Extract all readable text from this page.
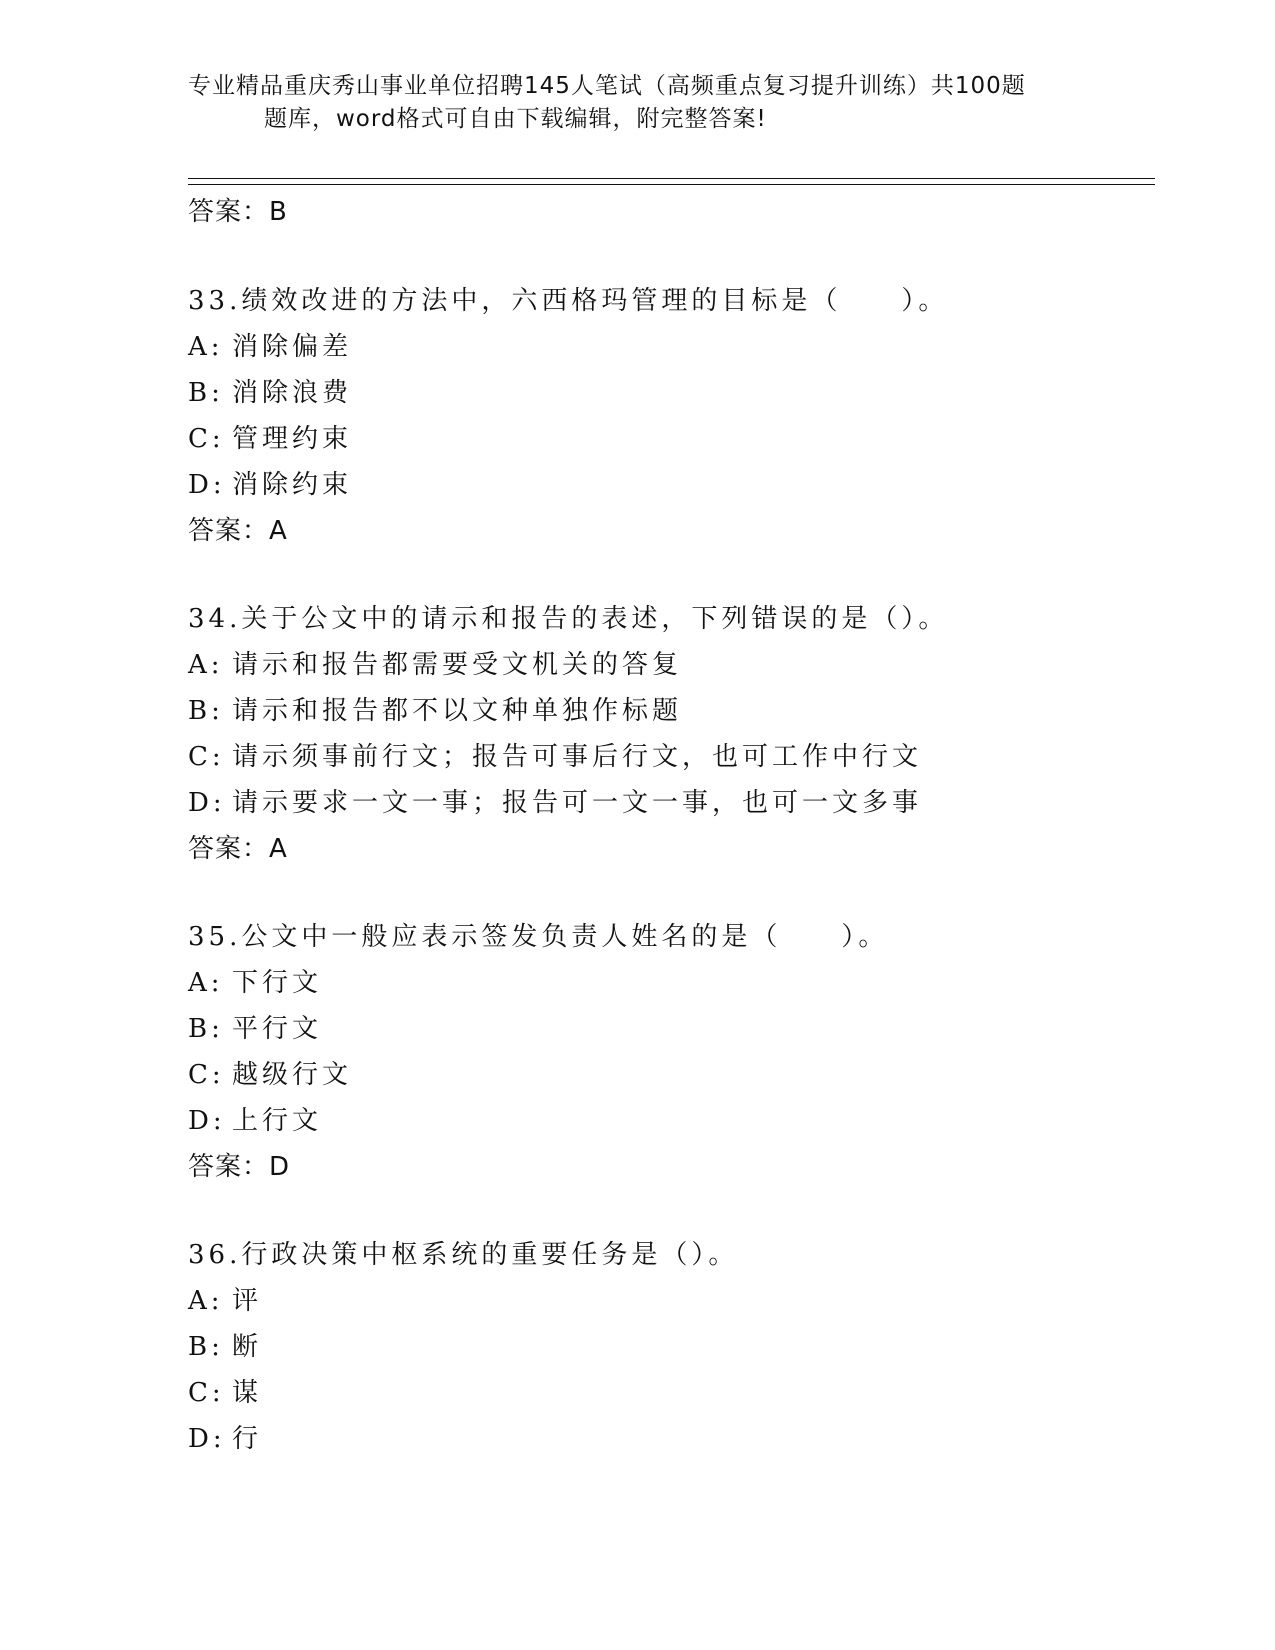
专业精品重庆秀山事业单位招聘145人笔试（高频重点复习提升训练）共100题
题库，word格式可自由下载编辑，附完整答案!
答案：B
33.绩效改进的方法中，六西格玛管理的目标是（　　）。
A: 消除偏差
B: 消除浪费
C: 管理约束
D: 消除约束
答案：A
34.关于公文中的请示和报告的表述，下列错误的是（）。
A: 请示和报告都需要受文机关的答复
B: 请示和报告都不以文种单独作标题
C: 请示须事前行文；报告可事后行文，也可工作中行文
D: 请示要求一文一事；报告可一文一事，也可一文多事
答案：A
35.公文中一般应表示签发负责人姓名的是（　　）。
A: 下行文
B: 平行文
C: 越级行文
D: 上行文
答案：D
36.行政决策中枢系统的重要任务是（）。
A: 评
B: 断
C: 谋
D: 行
